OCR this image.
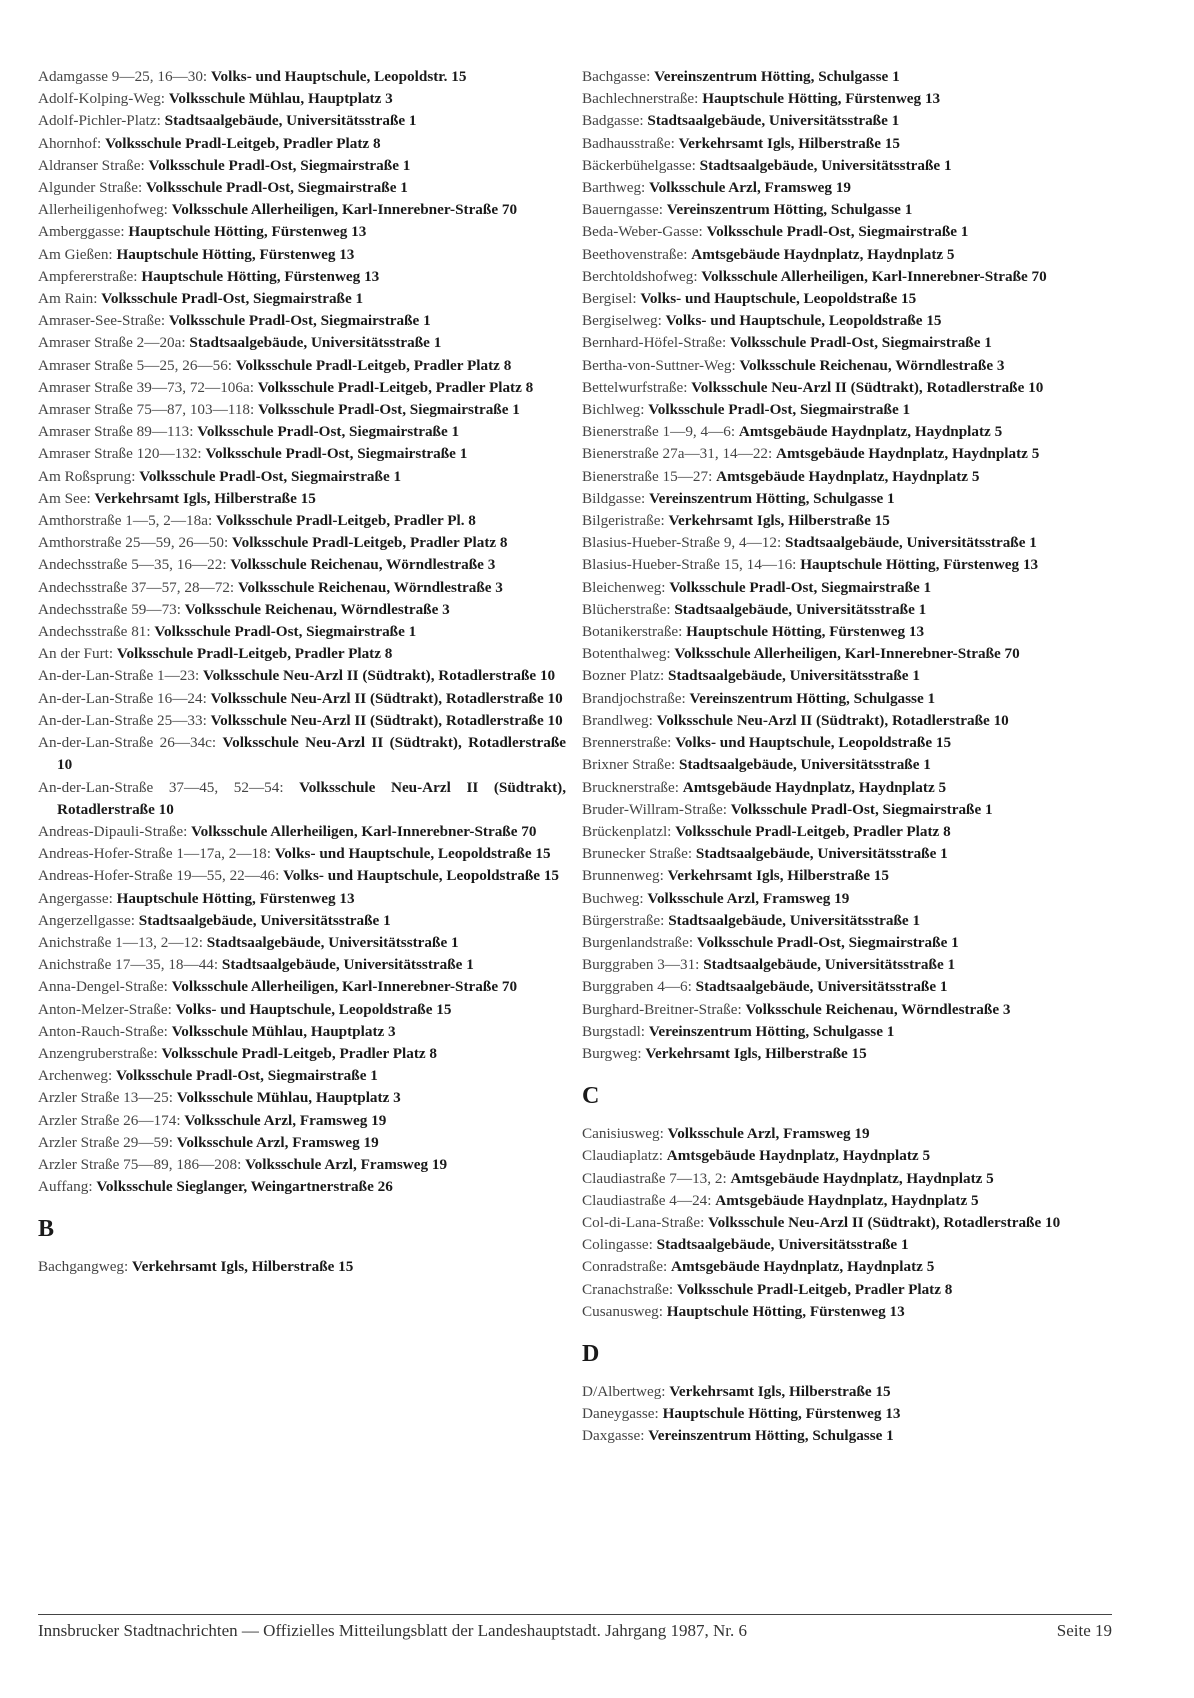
Adamgasse 9—25, 16—30: Volks- und Hauptschule, Leopoldstr. 15
Adolf-Kolping-Weg: Volksschule Mühlau, Hauptplatz 3
Adolf-Pichler-Platz: Stadtsaalgebäude, Universitätsstraße 1
Ahornhof: Volksschule Pradl-Leitgeb, Pradler Platz 8
Aldranser Straße: Volksschule Pradl-Ost, Siegmairstraße 1
Algunder Straße: Volksschule Pradl-Ost, Siegmairstraße 1
Allerheiligenhofweg: Volksschule Allerheiligen, Karl-Innerebner-Straße 70
Amberggasse: Hauptschule Hötting, Fürstenweg 13
Am Gießen: Hauptschule Hötting, Fürstenweg 13
Ampfererstraße: Hauptschule Hötting, Fürstenweg 13
Am Rain: Volksschule Pradl-Ost, Siegmairstraße 1
Amraser-See-Straße: Volksschule Pradl-Ost, Siegmairstraße 1
Amraser Straße 2—20a: Stadtsaalgebäude, Universitätsstraße 1
Amraser Straße 5—25, 26—56: Volksschule Pradl-Leitgeb, Pradler Platz 8
Amraser Straße 39—73, 72—106a: Volksschule Pradl-Leitgeb, Pradler Platz 8
Amraser Straße 75—87, 103—118: Volksschule Pradl-Ost, Siegmairstraße 1
Amraser Straße 89—113: Volksschule Pradl-Ost, Siegmairstraße 1
Amraser Straße 120—132: Volksschule Pradl-Ost, Siegmairstraße 1
Am Roßsprung: Volksschule Pradl-Ost, Siegmairstraße 1
Am See: Verkehrsamt Igls, Hilberstraße 15
Amthorstraße 1—5, 2—18a: Volksschule Pradl-Leitgeb, Pradler Pl. 8
Amthorstraße 25—59, 26—50: Volksschule Pradl-Leitgeb, Pradler Platz 8
Andechsstraße 5—35, 16—22: Volksschule Reichenau, Wörndlestraße 3
Andechsstraße 37—57, 28—72: Volksschule Reichenau, Wörndlestraße 3
Andechsstraße 59—73: Volksschule Reichenau, Wörndlestraße 3
Andechsstraße 81: Volksschule Pradl-Ost, Siegmairstraße 1
An der Furt: Volksschule Pradl-Leitgeb, Pradler Platz 8
An-der-Lan-Straße 1—23: Volksschule Neu-Arzl II (Südtrakt), Rotadlerstraße 10
An-der-Lan-Straße 16—24: Volksschule Neu-Arzl II (Südtrakt), Rotadlerstraße 10
An-der-Lan-Straße 25—33: Volksschule Neu-Arzl II (Südtrakt), Rotadlerstraße 10
An-der-Lan-Straße 26—34c: Volksschule Neu-Arzl II (Südtrakt), Rotadlerstraße 10
An-der-Lan-Straße 37—45, 52—54: Volksschule Neu-Arzl II (Südtrakt), Rotadlerstraße 10
Andreas-Dipauli-Straße: Volksschule Allerheiligen, Karl-Innerebner-Straße 70
Andreas-Hofer-Straße 1—17a, 2—18: Volks- und Hauptschule, Leopoldstraße 15
Andreas-Hofer-Straße 19—55, 22—46: Volks- und Hauptschule, Leopoldstraße 15
Angergasse: Hauptschule Hötting, Fürstenweg 13
Angerzellgasse: Stadtsaalgebäude, Universitätsstraße 1
Anichstraße 1—13, 2—12: Stadtsaalgebäude, Universitätsstraße 1
Anichstraße 17—35, 18—44: Stadtsaalgebäude, Universitätsstraße 1
Anna-Dengel-Straße: Volksschule Allerheiligen, Karl-Innerebner-Straße 70
Anton-Melzer-Straße: Volks- und Hauptschule, Leopoldstraße 15
Anton-Rauch-Straße: Volksschule Mühlau, Hauptplatz 3
Anzengruberstraße: Volksschule Pradl-Leitgeb, Pradler Platz 8
Archenweg: Volksschule Pradl-Ost, Siegmairstraße 1
Arzler Straße 13—25: Volksschule Mühlau, Hauptplatz 3
Arzler Straße 26—174: Volksschule Arzl, Framsweg 19
Arzler Straße 29—59: Volksschule Arzl, Framsweg 19
Arzler Straße 75—89, 186—208: Volksschule Arzl, Framsweg 19
Auffang: Volksschule Sieglanger, Weingartnerstraße 26
B
Bachgangweg: Verkehrsamt Igls, Hilberstraße 15
Bachgasse: Vereinszentrum Hötting, Schulgasse 1
Bachlechnerstraße: Hauptschule Hötting, Fürstenweg 13
Badgasse: Stadtsaalgebäude, Universitätsstraße 1
Badhausstraße: Verkehrsamt Igls, Hilberstraße 15
Bäckerbühelgasse: Stadtsaalgebäude, Universitätsstraße 1
Barthweg: Volksschule Arzl, Framsweg 19
Bauerngasse: Vereinszentrum Hötting, Schulgasse 1
Beda-Weber-Gasse: Volksschule Pradl-Ost, Siegmairstraße 1
Beethovenstraße: Amtsgebäude Haydnplatz, Haydnplatz 5
Berchtoldshofweg: Volksschule Allerheiligen, Karl-Innerebner-Straße 70
Bergisel: Volks- und Hauptschule, Leopoldstraße 15
Bergiselweg: Volks- und Hauptschule, Leopoldstraße 15
Bernhard-Höfel-Straße: Volksschule Pradl-Ost, Siegmairstraße 1
Bertha-von-Suttner-Weg: Volksschule Reichenau, Wörndlestraße 3
Bettelwurfstraße: Volksschule Neu-Arzl II (Südtrakt), Rotadlerstraße 10
Bichlweg: Volksschule Pradl-Ost, Siegmairstraße 1
Bienerstraße 1—9, 4—6: Amtsgebäude Haydnplatz, Haydnplatz 5
Bienerstraße 27a—31, 14—22: Amtsgebäude Haydnplatz, Haydnplatz 5
Bienerstraße 15—27: Amtsgebäude Haydnplatz, Haydnplatz 5
Bildgasse: Vereinszentrum Hötting, Schulgasse 1
Bilgeristraße: Verkehrsamt Igls, Hilberstraße 15
Blasius-Hueber-Straße 9, 4—12: Stadtsaalgebäude, Universitätsstraße 1
Blasius-Hueber-Straße 15, 14—16: Hauptschule Hötting, Fürstenweg 13
Bleichenweg: Volksschule Pradl-Ost, Siegmairstraße 1
Blücherstraße: Stadtsaalgebäude, Universitätsstraße 1
Botanikerstraße: Hauptschule Hötting, Fürstenweg 13
Botenthalweg: Volksschule Allerheiligen, Karl-Innerebner-Straße 70
Bozner Platz: Stadtsaalgebäude, Universitätsstraße 1
Brandjochstraße: Vereinszentrum Hötting, Schulgasse 1
Brandlweg: Volksschule Neu-Arzl II (Südtrakt), Rotadlerstraße 10
Brennerstraße: Volks- und Hauptschule, Leopoldstraße 15
Brixner Straße: Stadtsaalgebäude, Universitätsstraße 1
Brucknerstraße: Amtsgebäude Haydnplatz, Haydnplatz 5
Bruder-Willram-Straße: Volksschule Pradl-Ost, Siegmairstraße 1
Brückenplatzl: Volksschule Pradl-Leitgeb, Pradler Platz 8
Brunecker Straße: Stadtsaalgebäude, Universitätsstraße 1
Brunnenweg: Verkehrsamt Igls, Hilberstraße 15
Buchweg: Volksschule Arzl, Framsweg 19
Bürgerstraße: Stadtsaalgebäude, Universitätsstraße 1
Burgenlandstraße: Volksschule Pradl-Ost, Siegmairstraße 1
Burggraben 3—31: Stadtsaalgebäude, Universitätsstraße 1
Burggraben 4—6: Stadtsaalgebäude, Universitätsstraße 1
Burghard-Breitner-Straße: Volksschule Reichenau, Wörndlestraße 3
Burgstadl: Vereinszentrum Hötting, Schulgasse 1
Burgweg: Verkehrsamt Igls, Hilberstraße 15
C
Canisiusweg: Volksschule Arzl, Framsweg 19
Claudiaplatz: Amtsgebäude Haydnplatz, Haydnplatz 5
Claudiastraße 7—13, 2: Amtsgebäude Haydnplatz, Haydnplatz 5
Claudiastraße 4—24: Amtsgebäude Haydnplatz, Haydnplatz 5
Col-di-Lana-Straße: Volksschule Neu-Arzl II (Südtrakt), Rotadlerstraße 10
Colingasse: Stadtsaalgebäude, Universitätsstraße 1
Conradstraße: Amtsgebäude Haydnplatz, Haydnplatz 5
Cranachstraße: Volksschule Pradl-Leitgeb, Pradler Platz 8
Cusanusweg: Hauptschule Hötting, Fürstenweg 13
D
D/Albertweg: Verkehrsamt Igls, Hilberstraße 15
Daneygasse: Hauptschule Hötting, Fürstenweg 13
Daxgasse: Vereinszentrum Hötting, Schulgasse 1
Innsbrucker Stadtnachrichten — Offizielles Mitteilungsblatt der Landeshauptstadt. Jahrgang 1987, Nr. 6	Seite 19
